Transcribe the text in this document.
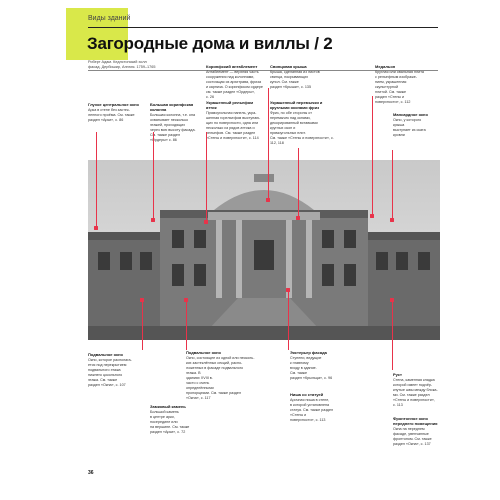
Виды зданий
Загородные дома и виллы / 2
Роберт Адам. Кедлстонский холл
фасад. Дербишир, Англия. 1759–1765
Глухое центральное окно
Арка в стене без застек-
ленного проёма. См. также
раздел «Арки», с. 86
Большая коринфская колонна
Большая колонна, т.е. она
охватывает несколько
этажей, проходящих
через всю высоту фасада.
также раздел
«Ордеры» с. 86
Коринфский антаблемент
Антаблемент — верхняя часть
сооружения над колоннами,
состоящая из архитрава, фриза
и карниза. О коринфском ордере
см. также раздел «Ордеры»,
с. 26
Украшенный рельефом аттик
Прямоугольная панель, укра-
шенная горельефом выступаю-
щих по поверхности, одна или
несколько из рядов аттика и
рельефов. См. также раздел
«Стены и поверхности», с. 114
Свинцовая крыша
Крыша, сделанная из листов
свинца, покрывающих
купол. См. также
раздел «Крыши», с. 135
Украшенный перемычки и круглыми оконами фриз
Фриз, по обе стороны от
перемычек над окнами,
декорированный вставками
круглых окон и
прямоугольных плит.
См. также «Стены и поверхности», с. 112, 118
Медальон
Круглая или овальная плита
с рельефным изображе-
нием, украшенная
скульптурной
плитой. См. также
раздел «Стены и
поверхности», с. 112
Мансардное окно
Окно, у которого
крыша
выступает из ската
кровли
Подвальное окно
Окно, которое располага-
ется под перекрытием
подвального этажа
нижнего цокольного
этажа. См. также
раздел «Окна», с. 107
Подвальное окно
Окно, состоящее из одной или несколь-
ких застеклённых секций, распо-
ложенных в фасаде подвального
этажа. В
зданиях XVIII в.
часто с очень
определёнными
пропорциями. См. также раздел
«Окна», с. 117
Замковый камень
Большой камень
в центре арки,
посередине или
на вершине. См. также
раздел «Арки», с. 72
Экстерьер фасада
Ступени, ведущие
к главному
входу в здание.
См. также
раздел «Крыльца», с. 96
Ниша со статуей
Арочная ниша в стене,
в которой установлена
статуя. См. также раздел
«Стены и
поверхности», с. 113
Руст
Стена, каменная кладка
которой имеет подчёр-
кнутые швы между блока-
ми. См. также раздел
«Стены и поверхности»,
с. 113
Фронтонное окно переднего помещения
Окна на переднем
фасаде, увенчанные
фронтоном. См. также
раздел «Окна», с. 137
36
